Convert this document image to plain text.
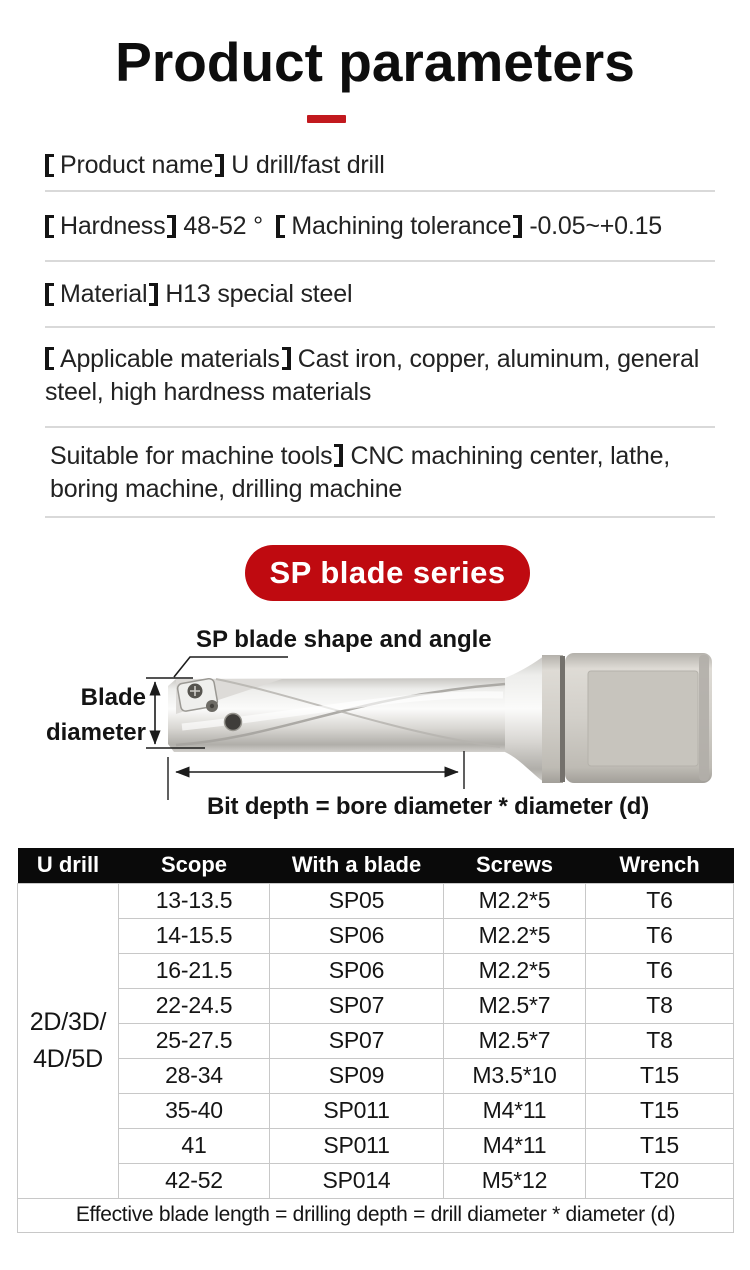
Product parameters
Product name U drill/fast drill
Hardness 48-52 ° Machining tolerance -0.05~+0.15
Material H13 special steel
Applicable materials Cast iron, copper, aluminum, general steel, high hardness materials
Suitable for machine tools CNC machining center, lathe, boring machine, drilling machine
SP blade series
SP blade shape and angle
Blade
diameter
Bit depth = bore diameter * diameter (d)
U drill	Scope	With a blade	Screws	Wrench

2D/3D/
4D/5D	13-13.5	SP05	M2.2*5	T6
	14-15.5	SP06	M2.2*5	T6
	16-21.5	SP06	M2.2*5	T6
	22-24.5	SP07	M2.5*7	T8
	25-27.5	SP07	M2.5*7	T8
	28-34	SP09	M3.5*10	T15
	35-40	SP011	M4*11	T15
	41	SP011	M4*11	T15
	42-52	SP014	M5*12	T20
Effective blade length = drilling depth = drill diameter * diameter (d)				
